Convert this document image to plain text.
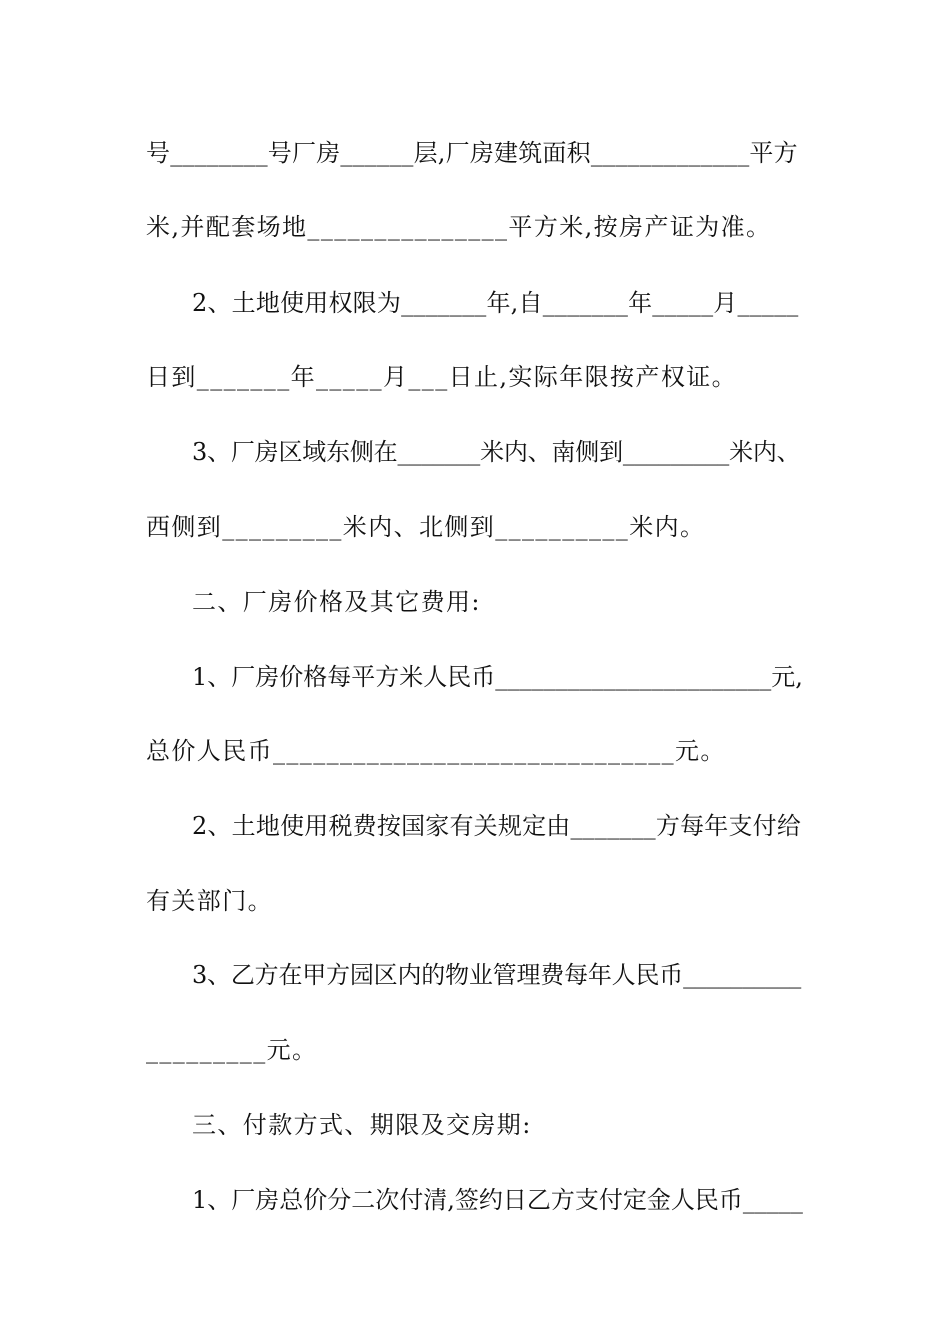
号________号厂房______层,厂房建筑面积_____________平方
米,并配套场地_______________平方米,按房产证为准。
2、土地使用权限为_______年,自_______年_____月_____
日到_______年_____月___日止,实际年限按产权证。
3、厂房区域东侧在_______米内、南侧到_________米内、
西侧到_________米内、北侧到__________米内。
二、厂房价格及其它费用:
1、厂房价格每平方米人民币_______________________元,
总价人民币______________________________元。
2、土地使用税费按国家有关规定由_______方每年支付给
有关部门。
3、乙方在甲方园区内的物业管理费每年人民币__________
_________元。
三、付款方式、期限及交房期:
1、厂房总价分二次付清,签约日乙方支付定金人民币_____
